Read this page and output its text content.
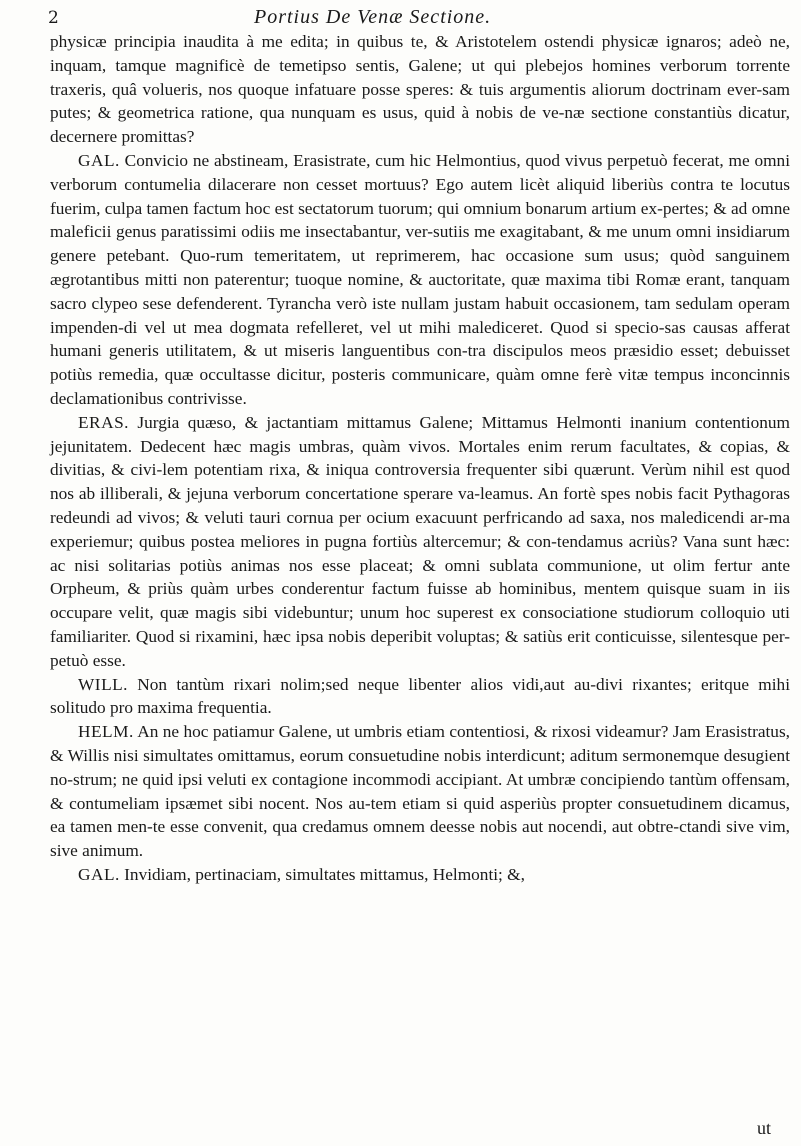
2	Portius De Venæ Sectione.

physicæ principia inaudita à me edita; in quibus te, & Aristotelem ostendi physicæ ignaros; adeò ne, inquam, tamque magnificè de temetipso sentis, Galene; ut qui plebejos homines verborum torrente traxeris, quâ volueris, nos quoque infatuare posse speres: & tuis argumentis aliorum doctrinam ever-sam putes; & geometrica ratione, qua nunquam es usus, quid à nobis de ve-næ sectione constantiùs dicatur, decernere promittas?

GAL. Convicio ne abstineam, Erasistrate, cum hic Helmontius, quod vivus perpetuò fecerat, me omni verborum contumelia dilacerare non cesset mortuus? Ego autem licèt aliquid liberiùs contra te locutus fuerim, culpa tamen factum hoc est sectatorum tuorum; qui omnium bonarum artium ex-pertes; & ad omne maleficii genus paratissimi odiis me insectabantur, ver-sutiis me exagitabant, & me unum omni insidiarum genere petebant. Quo-rum temeritatem, ut reprimerem, hac occasione sum usus; quòd sanguinem ægrotantibus mitti non paterentur; tuoque nomine, & auctoritate, quæ maxima tibi Romæ erant, tanquam sacro clypeo sese defenderent. Tyrancha verò iste nullam justam habuit occasionem, tam sedulam operam impenden-di vel ut mea dogmata refelleret, vel ut mihi malediceret. Quod si specio-sas causas afferat humani generis utilitatem, & ut miseris languentibus con-tra discipulos meos præsidio esset; debuisset potiùs remedia, quæ occultasse dicitur, posteris communicare, quàm omne ferè vitæ tempus inconcinnis declamationibus contrivisse.

ERAS. Jurgia quæso, & jactantiam mittamus Galene; Mittamus Helmonti inanium contentionum jejunitatem. Dedecent hæc magis umbras, quàm vivos. Mortales enim rerum facultates, & copias, & divitias, & civi-lem potentiam rixa, & iniqua controversia frequenter sibi quærunt. Verùm nihil est quod nos ab illiberali, & jejuna verborum concertatione sperare va-leamus. An fortè spes nobis facit Pythagoras redeundi ad vivos; & veluti tauri cornua per ocium exacuunt perfricando ad saxa, nos maledicendi ar-ma experiemur; quibus postea meliores in pugna fortiùs altercemur; & con-tendamus acriùs? Vana sunt hæc: ac nisi solitarias potiùs animas nos esse placeat; & omni sublata communione, ut olim fertur ante Orpheum, & priùs quàm urbes conderentur factum fuisse ab hominibus, mentem quisque suam in iis occupare velit, quæ magis sibi videbuntur; unum hoc superest ex consociatione studiorum colloquio uti familiariter. Quod si rixamini, hæc ipsa nobis deperibit voluptas; & satiùs erit conticuisse, silentesque per-petuò esse.

WILL. Non tantùm rixari nolim;sed neque libenter alios vidi,aut au-divi rixantes; eritque mihi solitudo pro maxima frequentia.

HELM. An ne hoc patiamur Galene, ut umbris etiam contentiosi, & rixosi videamur? Jam Erasistratus, & Willis nisi simultates omittamus, eorum consuetudine nobis interdicunt; aditum sermonemque desugient no-strum; ne quid ipsi veluti ex contagione incommodi accipiant. At umbræ concipiendo tantùm offensam, & contumeliam ipsæmet sibi nocent. Nos au-tem etiam si quid asperiùs propter consuetudinem dicamus, ea tamen men-te esse convenit, qua credamus omnem deesse nobis aut nocendi, aut obtre-ctandi sive vim, sive animum.

GAL. Invidiam, pertinaciam, simultates mittamus, Helmonti; &,

ut
